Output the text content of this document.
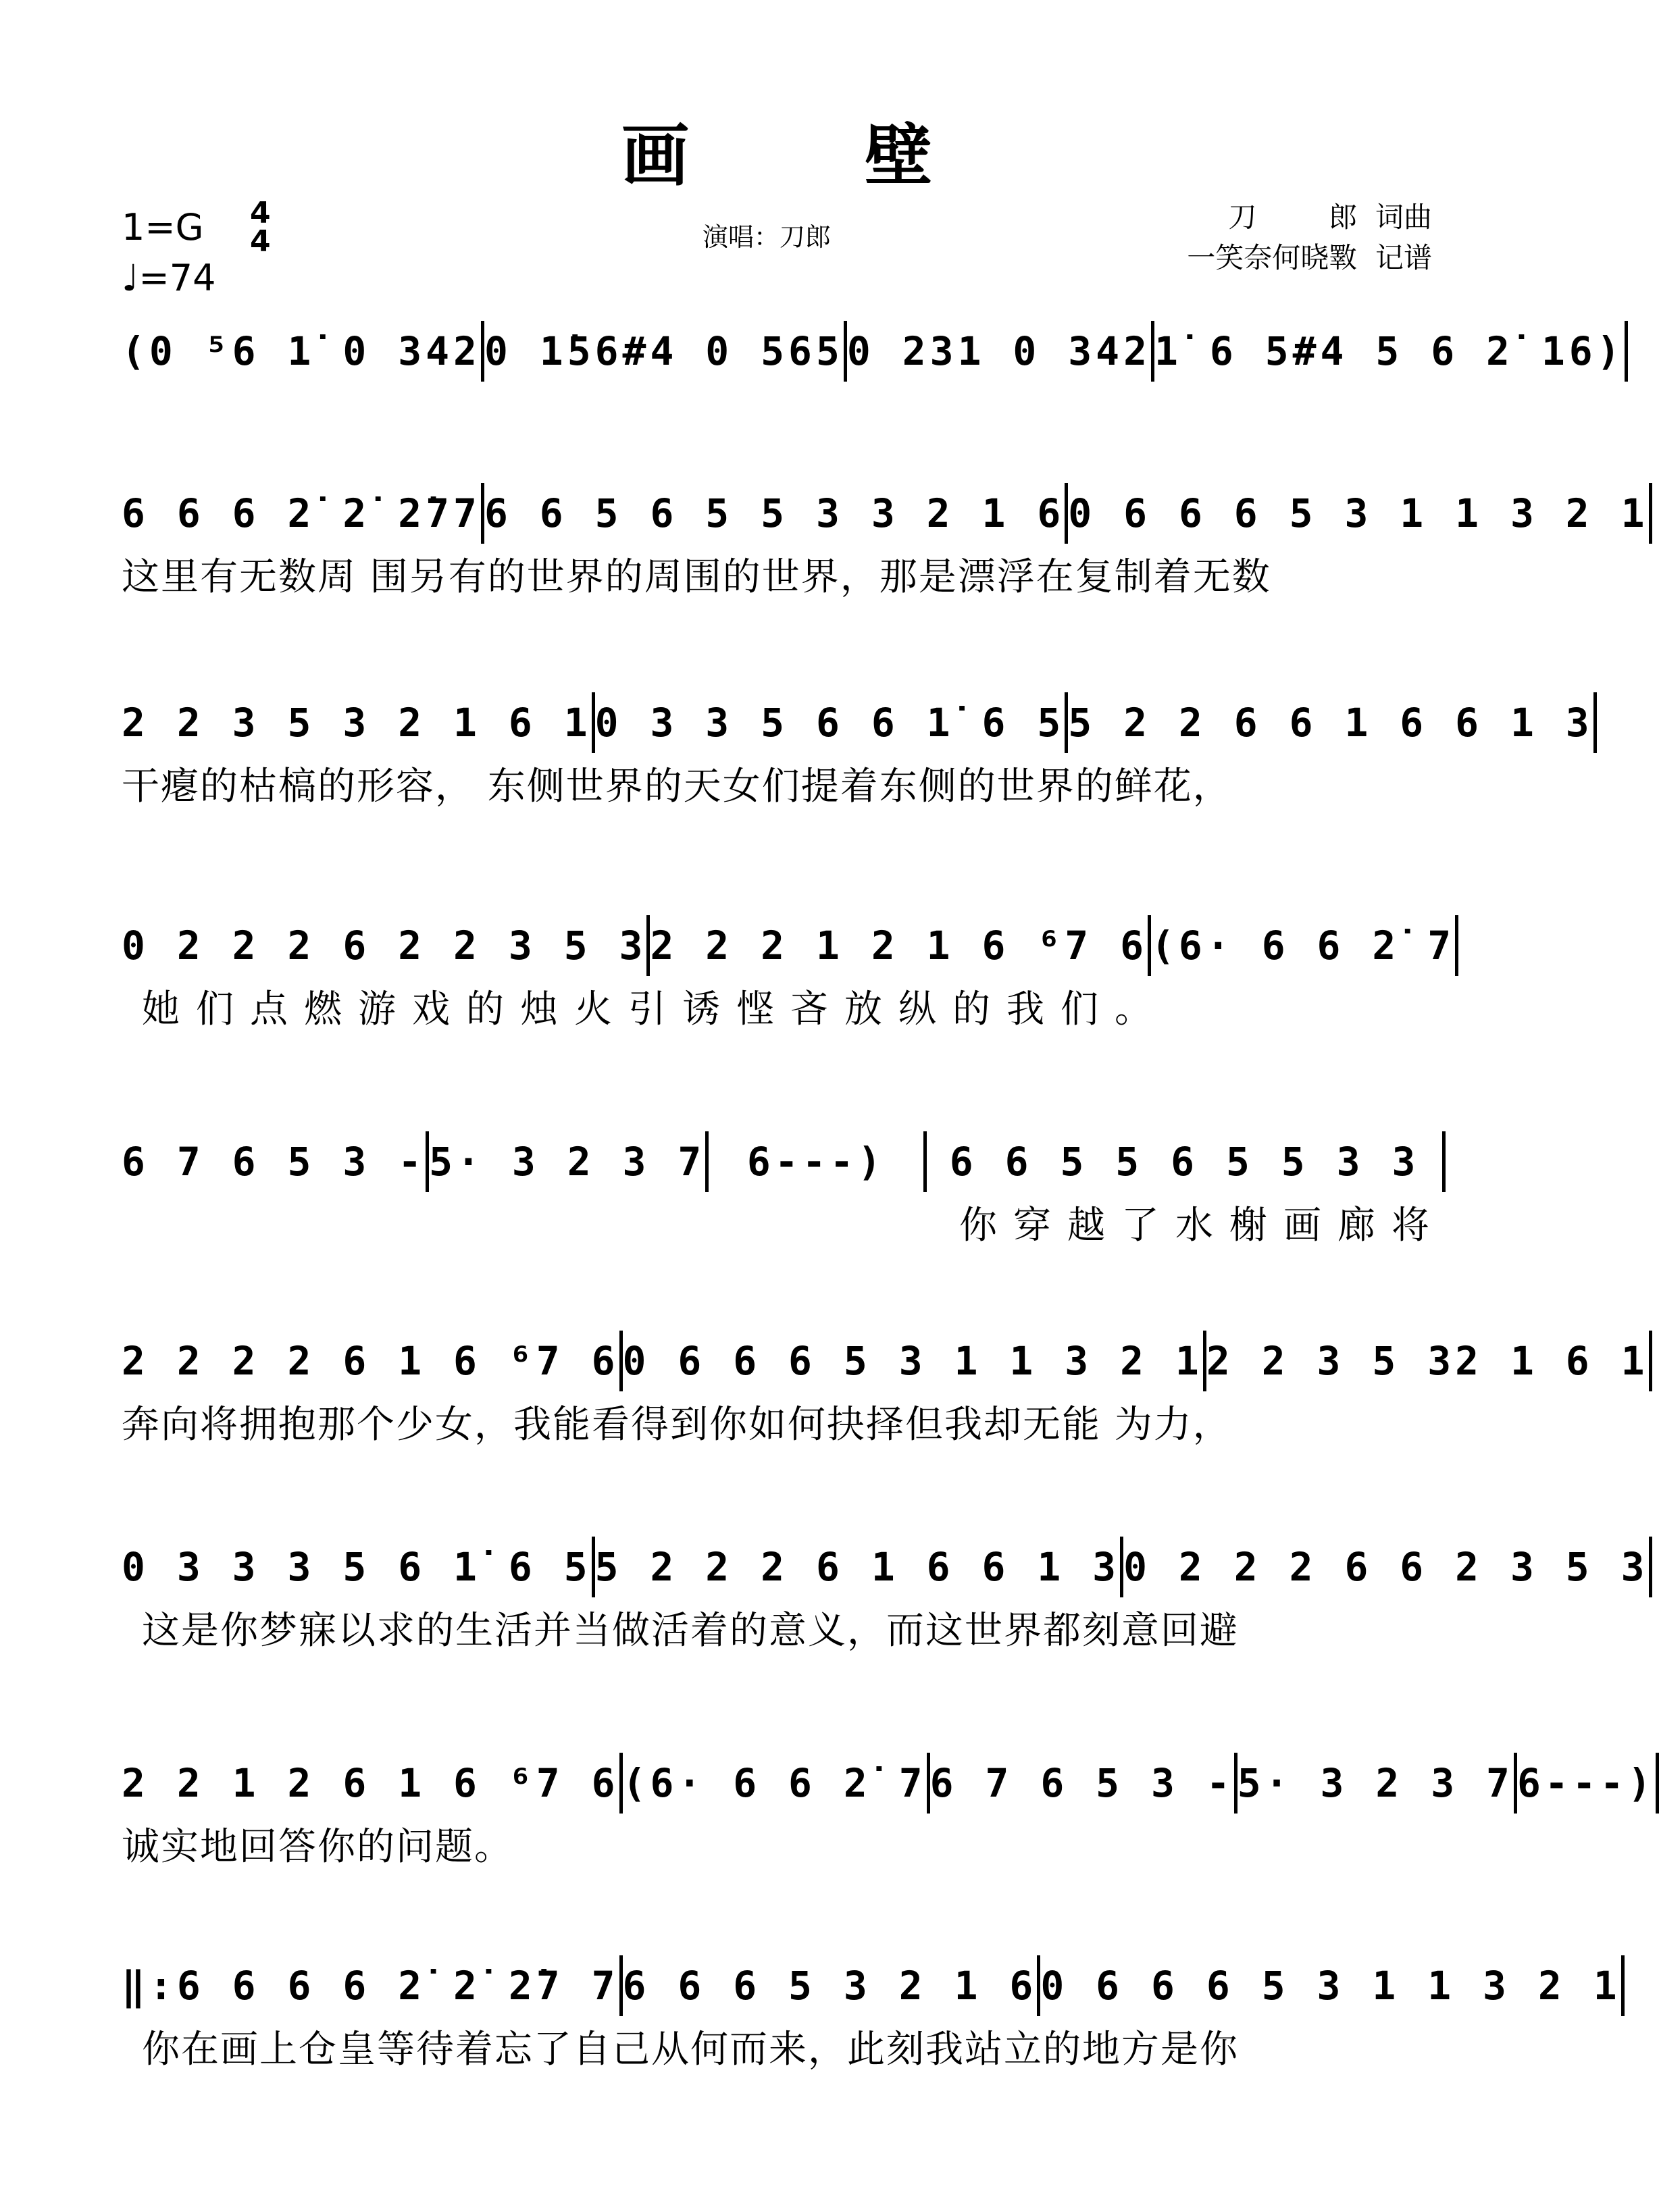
画壁
1=G 4
4
♩=74
演唱：刀郎
刀        郎  词曲
一笑奈何晓斁  记谱
(0 ⁵6 1̇ 0 342 0 1̇56#4 0 565 0 231 0 342 1̇ 6 5#4 5 6 2̇ 16)
6 6 6 2̇ 2̇ 2̇77 6 6 5 6 5 5 3 3 2 1 6 0 6 6 6 5 3 1 1 3 2 1
这里有无数周 围另有的世界的周围的世界，那是漂浮在复制着无数
2 2 3 5 3 2 1 6 1 0 3 3 5 6 6 1̇ 6 5 5 2 2 6 6 1 6 6 1 3
干瘪的枯槁的形容， 东侧世界的天女们提着东侧的世界的鲜花，
0 2 2 2 6 2 2 3 5 3 2 2 2 1 2 1 6 ⁶7 6 (6· 6 6 2̇ 7
她们点燃游戏的烛火引诱悭吝放纵的我们。
6 7 6 5 3 - 5· 3 2 3 7	6---)	6 6 5 5 6 5 5 3 3
你穿越了水榭画廊将
2 2 2 2 6 1 6 ⁶7 6 0 6 6 6 5 3 1 1 3 2 1 2 2 3 5 32 1 6 1
奔向将拥抱那个少女，我能看得到你如何抉择但我却无能 为力，
0 3 3 3 5 6 1̇ 6 5 5 2 2 2 6 1 6 6 1 3 0 2 2 2 6 6 2 3 5 3
这是你梦寐以求的生活并当做活着的意义，而这世界都刻意回避
2 2 1 2 6 1 6 ⁶7 6 (6· 6 6 2̇ 7 6 7 6 5 3 - 5· 3 2 3 7 6---)
诚实地回答你的问题。
‖:6 6 6 6 2̇ 2̇ 2̇7 7 6 6 6 5 3 2 1 6 0 6 6 6 5 3 1 1 3 2 1
你在画上仓皇等待着忘了自己从何而来，此刻我站立的地方是你
